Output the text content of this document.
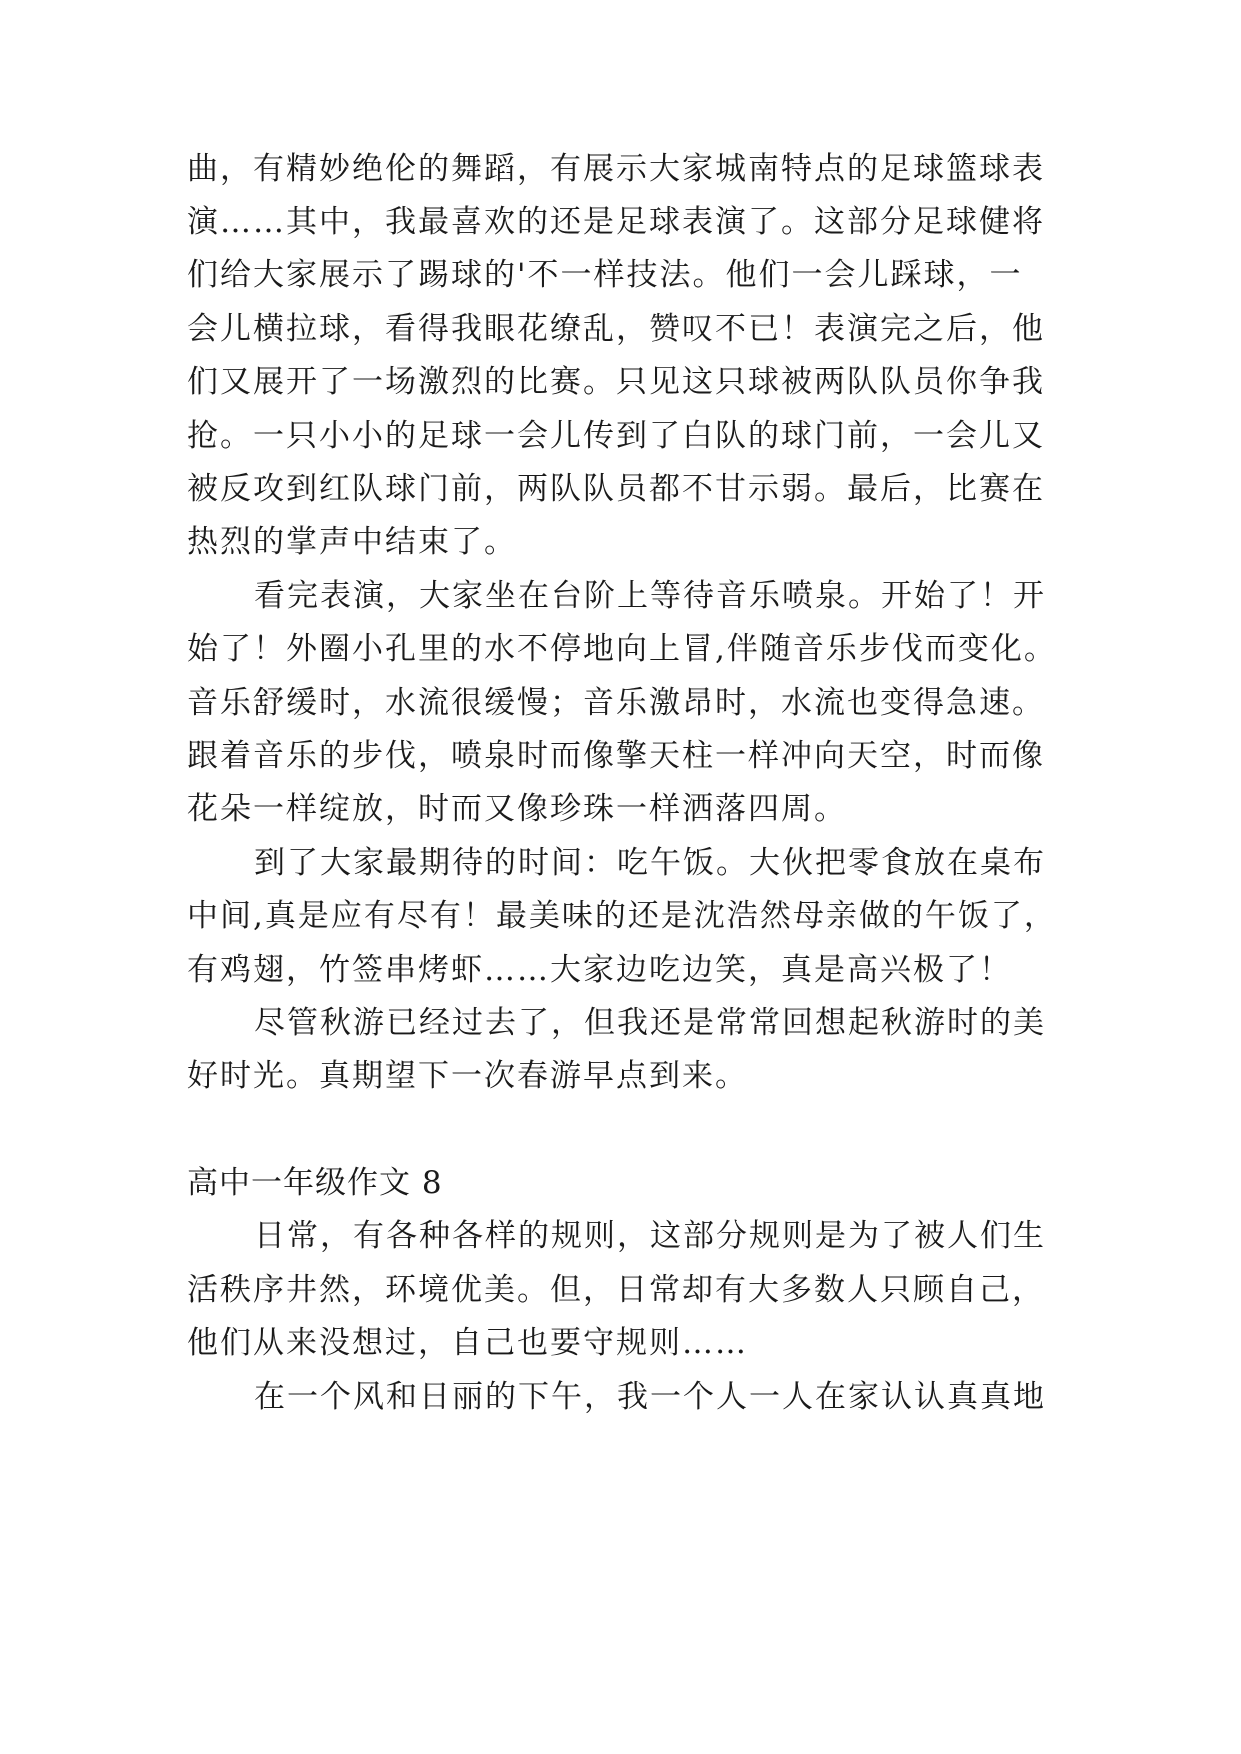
曲，有精妙绝伦的舞蹈，有展示大家城南特点的足球篮球表
演……其中，我最喜欢的还是足球表演了。这部分足球健将
们给大家展示了踢球的'不一样技法。他们一会儿踩球，一
会儿横拉球，看得我眼花缭乱，赞叹不已！表演完之后，他
们又展开了一场激烈的比赛。只见这只球被两队队员你争我
抢。一只小小的足球一会儿传到了白队的球门前，一会儿又
被反攻到红队球门前，两队队员都不甘示弱。最后，比赛在
热烈的掌声中结束了。
看完表演，大家坐在台阶上等待音乐喷泉。开始了！开
始了！外圈小孔里的水不停地向上冒,伴随音乐步伐而变化。
音乐舒缓时，水流很缓慢；音乐激昂时，水流也变得急速。
跟着音乐的步伐，喷泉时而像擎天柱一样冲向天空，时而像
花朵一样绽放，时而又像珍珠一样洒落四周。
到了大家最期待的时间：吃午饭。大伙把零食放在桌布
中间,真是应有尽有！最美味的还是沈浩然母亲做的午饭了，
有鸡翅，竹签串烤虾……大家边吃边笑，真是高兴极了！
尽管秋游已经过去了，但我还是常常回想起秋游时的美
好时光。真期望下一次春游早点到来。
高中一年级作文 8
日常，有各种各样的规则，这部分规则是为了被人们生
活秩序井然，环境优美。但，日常却有大多数人只顾自己，
他们从来没想过，自己也要守规则……
在一个风和日丽的下午，我一个人一人在家认认真真地
